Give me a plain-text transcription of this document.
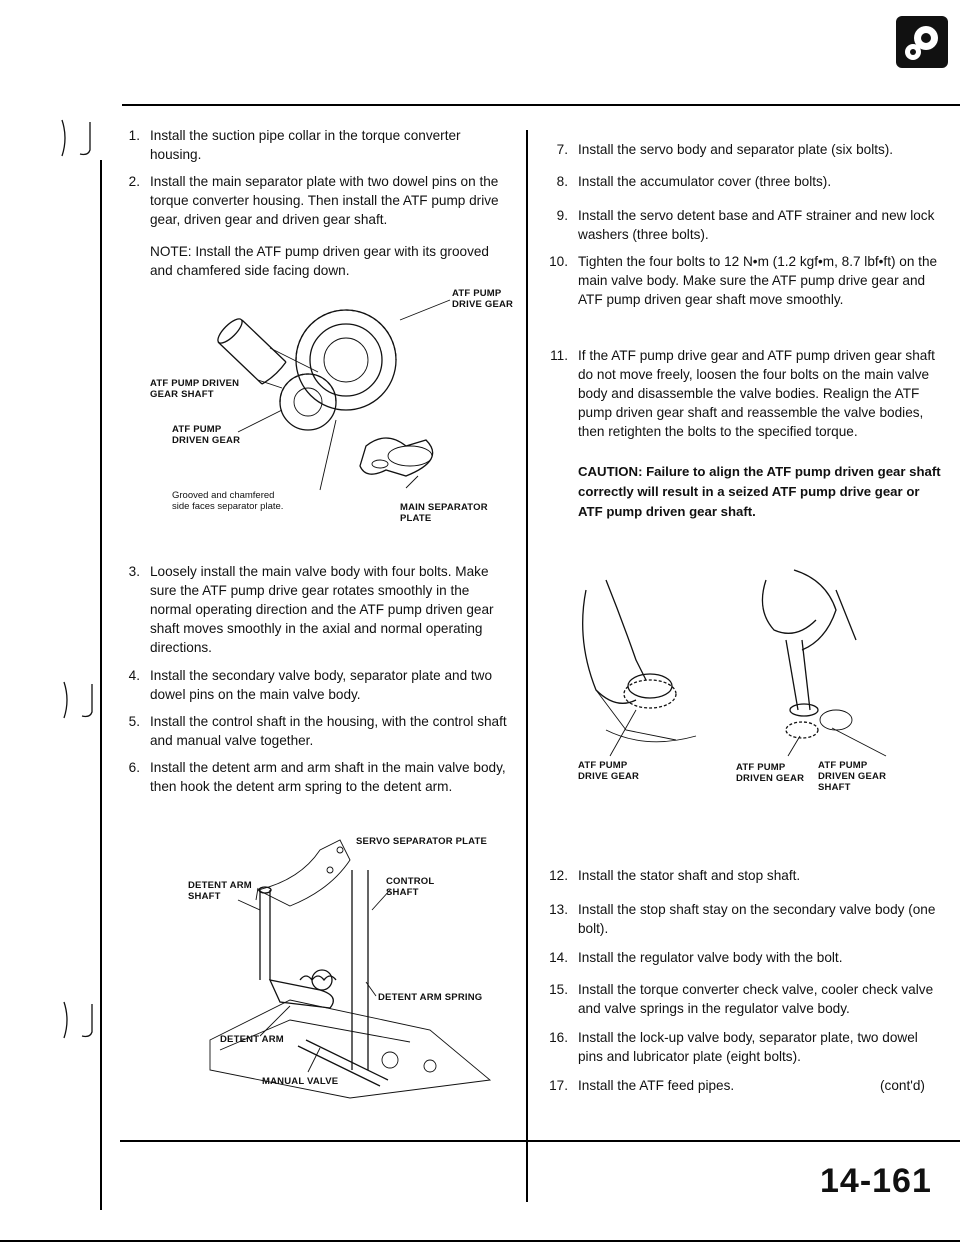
1. Install the suction pipe collar in the torque converter housing.
2. Install the main separator plate with two dowel pins on the torque converter housing. Then install the ATF pump drive gear, driven gear and driven gear shaft.
NOTE: Install the ATF pump driven gear with its grooved and chamfered side facing down.
ATF PUMP DRIVE GEAR
ATF PUMP DRIVEN GEAR SHAFT
ATF PUMP DRIVEN GEAR
Grooved and chamfered side faces separator plate.	MAIN SEPARATOR PLATE
3. Loosely install the main valve body with four bolts. Make sure the ATF pump drive gear rotates smoothly in the normal operating direction and the ATF pump driven gear shaft moves smoothly in the axial and normal operating directions.
4. Install the secondary valve body, separator plate and two dowel pins on the main valve body.
5. Install the control shaft in the housing, with the control shaft and manual valve together.
6. Install the detent arm and arm shaft in the main valve body, then hook the detent arm spring to the detent arm.
SERVO SEPARATOR PLATE
DETENT ARM SHAFT
CONTROL SHAFT
DETENT ARM SPRING
DETENT ARM
MANUAL VALVE
7. Install the servo body and separator plate (six bolts).
8. Install the accumulator cover (three bolts).
9. Install the servo detent base and ATF strainer and new lock washers (three bolts).
10. Tighten the four bolts to 12 N•m (1.2 kgf•m, 8.7 lbf•ft) on the main valve body. Make sure the ATF pump drive gear and ATF pump driven gear shaft move smoothly.
11. If the ATF pump drive gear and ATF pump driven gear shaft do not move freely, loosen the four bolts on the main valve body and disassemble the valve bodies. Realign the ATF pump driven gear shaft and reassemble the valve bodies, then retighten the bolts to the specified torque.
CAUTION: Failure to align the ATF pump driven gear shaft correctly will result in a seized ATF pump drive gear or ATF pump driven gear shaft.
ATF PUMP DRIVE GEAR
ATF PUMP DRIVEN GEAR
ATF PUMP DRIVEN GEAR SHAFT
12. Install the stator shaft and stop shaft.
13. Install the stop shaft stay on the secondary valve body (one bolt).
14. Install the regulator valve body with the bolt.
15. Install the torque converter check valve, cooler check valve and valve springs in the regulator valve body.
16. Install the lock-up valve body, separator plate, two dowel pins and lubricator plate (eight bolts).
17. Install the ATF feed pipes.	(cont'd)
14-161
